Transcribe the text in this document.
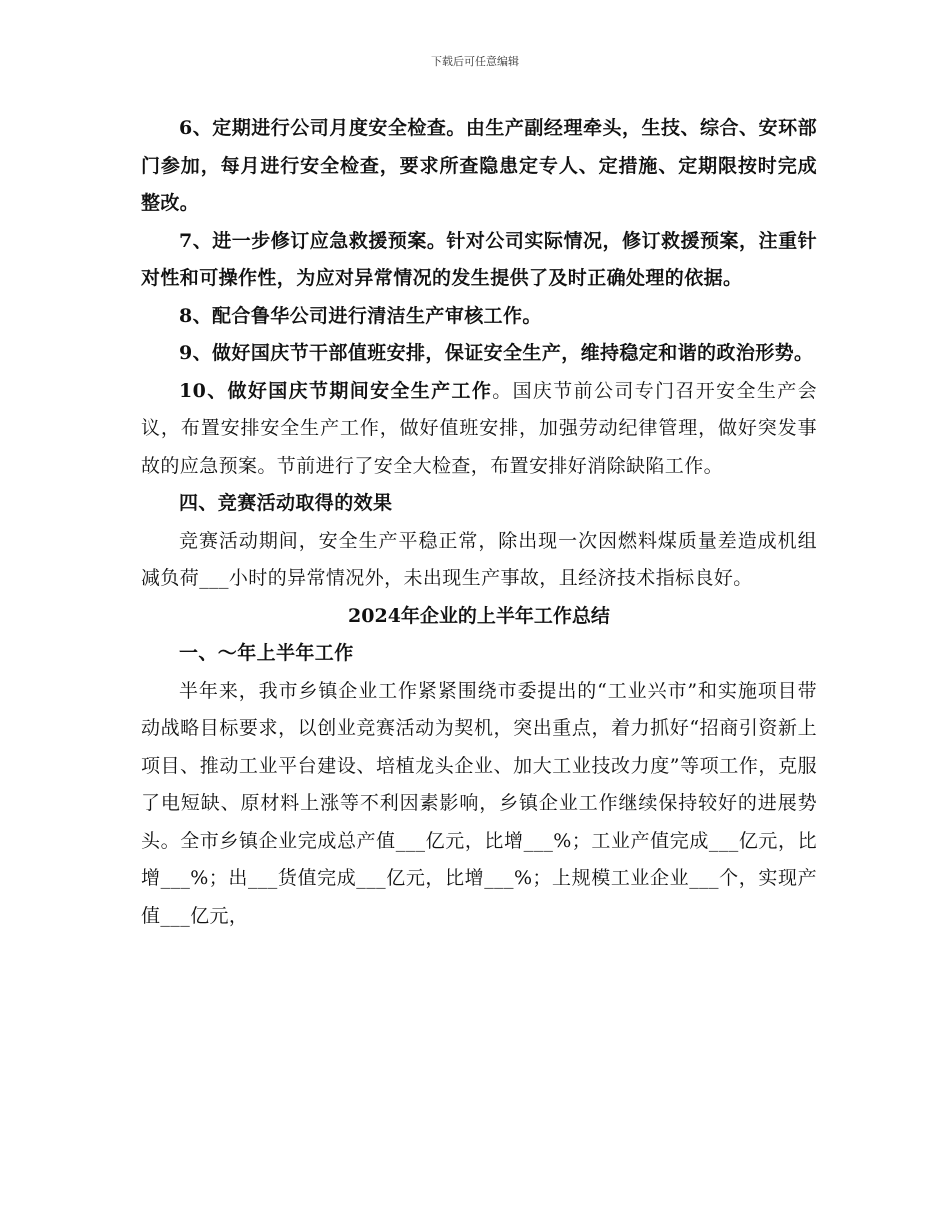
下载后可任意编辑

6、定期进行公司月度安全检查。由生产副经理牵头，生技、综合、安环部门参加，每月进行安全检查，要求所查隐患定专人、定措施、定期限按时完成整改。

7、进一步修订应急救援预案。针对公司实际情况，修订救援预案，注重针对性和可操作性，为应对异常情况的发生提供了及时正确处理的依据。

8、配合鲁华公司进行清洁生产审核工作。

9、做好国庆节干部值班安排，保证安全生产，维持稳定和谐的政治形势。

10、做好国庆节期间安全生产工作。国庆节前公司专门召开安全生产会议，布置安排安全生产工作，做好值班安排，加强劳动纪律管理，做好突发事故的应急预案。节前进行了安全大检查，布置安排好消除缺陷工作。

四、竞赛活动取得的效果

竞赛活动期间，安全生产平稳正常，除出现一次因燃料煤质量差造成机组减负荷___小时的异常情况外，未出现生产事故，且经济技术指标良好。

2024年企业的上半年工作总结

一、～年上半年工作

半年来，我市乡镇企业工作紧紧围绕市委提出的“工业兴市”和实施项目带动战略目标要求，以创业竞赛活动为契机，突出重点，着力抓好“招商引资新上项目、推动工业平台建设、培植龙头企业、加大工业技改力度”等项工作，克服了电短缺、原材料上涨等不利因素影响，乡镇企业工作继续保持较好的进展势头。全市乡镇企业完成总产值___亿元，比增___%；工业产值完成___亿元，比增___%；出___货值完成___亿元，比增___%；上规模工业企业___个，实现产值___亿元，
